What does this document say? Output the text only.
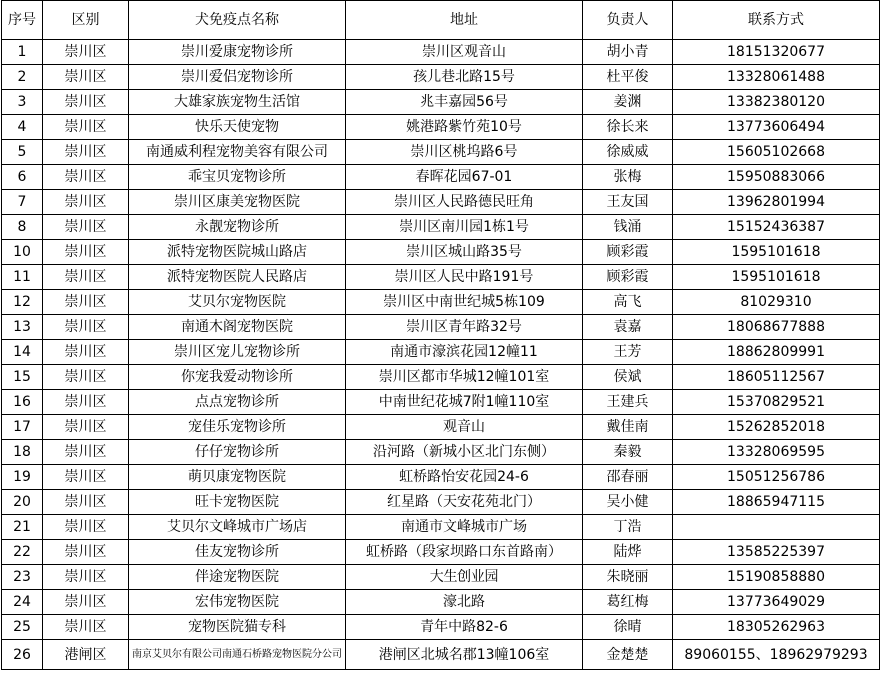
序号	区别	犬免疫点名称	地址	负责人	联系方式
1	崇川区	崇川爱康宠物诊所	崇川区观音山	胡小青	18151320677
2	崇川区	崇川爱侣宠物诊所	孩儿巷北路15号	杜平俊	13328061488
3	崇川区	大雄家族宠物生活馆	兆丰嘉园56号	姜渊	13382380120
4	崇川区	快乐天使宠物	姚港路紫竹苑10号	徐长来	13773606494
5	崇川区	南通威利程宠物美容有限公司	崇川区桃坞路6号	徐威威	15605102668
6	崇川区	乖宝贝宠物诊所	春晖花园67-01	张梅	15950883066
7	崇川区	崇川区康美宠物医院	崇川区人民路德民旺角	王友国	13962801994
8	崇川区	永靓宠物诊所	崇川区南川园1栋1号	钱涌	15152436387
10	崇川区	派特宠物医院城山路店	崇川区城山路35号	顾彩霞	1595101618
11	崇川区	派特宠物医院人民路店	崇川区人民中路191号	顾彩霞	1595101618
12	崇川区	艾贝尔宠物医院	崇川区中南世纪城5栋109	高飞	81029310
13	崇川区	南通木阁宠物医院	崇川区青年路32号	袁嘉	18068677888
14	崇川区	崇川区宠儿宠物诊所	南通市濠滨花园12幢11	王芳	18862809991
15	崇川区	你宠我爱动物诊所	崇川区都市华城12幢101室	侯斌	18605112567
16	崇川区	点点宠物诊所	中南世纪花城7附1幢110室	王建兵	15370829521
17	崇川区	宠佳乐宠物诊所	观音山	戴佳南	15262852018
18	崇川区	仔仔宠物诊所	沿河路（新城小区北门东侧）	秦毅	13328069595
19	崇川区	萌贝康宠物医院	虹桥路怡安花园24-6	邵春丽	15051256786
20	崇川区	旺卡宠物医院	红星路（天安花苑北门）	吴小健	18865947115
21	崇川区	艾贝尔文峰城市广场店	南通市文峰城市广场	丁浩	
22	崇川区	佳友宠物诊所	虹桥路（段家坝路口东首路南）	陆烨	13585225397
23	崇川区	伴途宠物医院	大生创业园	朱晓丽	15190858880
24	崇川区	宏伟宠物医院	濠北路	葛红梅	13773649029
25	崇川区	宠物医院猫专科	青年中路82-6	徐晴	18305262963
26	港闸区	南京艾贝尔有限公司南通石桥路宠物医院分公司	港闸区北城名郡13幢106室	金楚楚	89060155、18962979293
